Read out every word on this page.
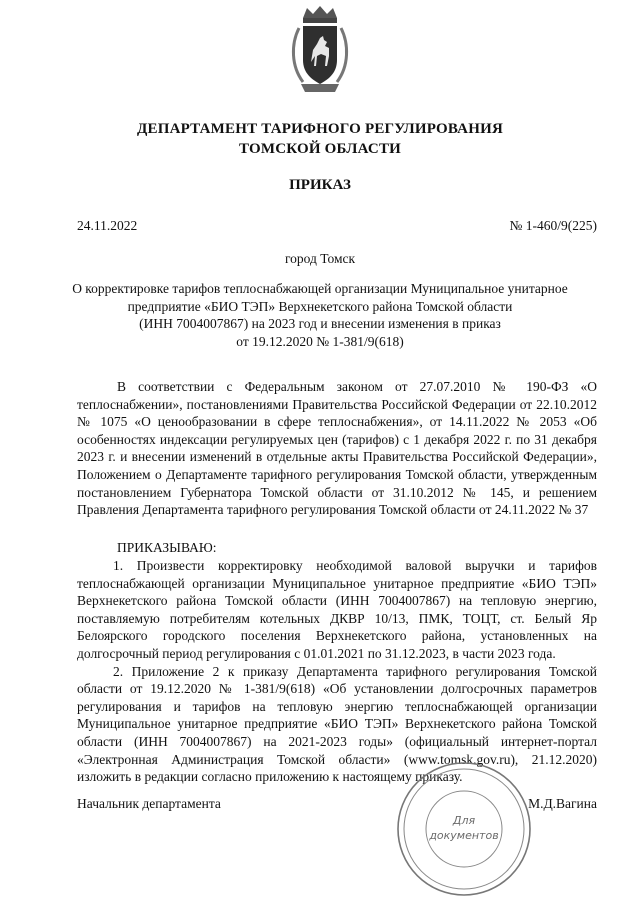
ДЕПАРТАМЕНТ ТАРИФНОГО РЕГУЛИРОВАНИЯ
ТОМСКОЙ ОБЛАСТИ
ПРИКАЗ
24.11.2022	№ 1-460/9(225)
город Томск
О корректировке тарифов теплоснабжающей организации Муниципальное унитарное
предприятие «БИО ТЭП» Верхнекетского района Томской области
(ИНН 7004007867) на 2023 год и внесении изменения в приказ
от 19.12.2020 № 1-381/9(618)

В соответствии с Федеральным законом от 27.07.2010 № 190-ФЗ «О теплоснабжении», постановлениями Правительства Российской Федерации от 22.10.2012 № 1075 «О ценообразовании в сфере теплоснабжения», от 14.11.2022 № 2053 «Об особенностях индексации регулируемых цен (тарифов) с 1 декабря 2022 г. по 31 декабря 2023 г. и внесении изменений в отдельные акты Правительства Российской Федерации», Положением о Департаменте тарифного регулирования Томской области, утвержденным постановлением Губернатора Томской области от 31.10.2012 № 145, и решением Правления Департамента тарифного регулирования Томской области от 24.11.2022 № 37

ПРИКАЗЫВАЮ:

1. Произвести корректировку необходимой валовой выручки и тарифов теплоснабжающей организации Муниципальное унитарное предприятие «БИО ТЭП» Верхнекетского района Томской области (ИНН 7004007867) на тепловую энергию, поставляемую потребителям котельных ДКВР 10/13, ПМК, ТОЦТ, ст. Белый Яр Белоярского городского поселения Верхнекетского района, установленных на долгосрочный период регулирования с 01.01.2021 по 31.12.2023, в части 2023 года.

2. Приложение 2 к приказу Департамента тарифного регулирования Томской области от 19.12.2020 № 1-381/9(618) «Об установлении долгосрочных параметров регулирования и тарифов на тепловую энергию теплоснабжающей организации Муниципальное унитарное предприятие «БИО ТЭП» Верхнекетского района Томской области (ИНН 7004007867) на 2021-2023 годы» (официальный интернет-портал «Электронная Администрация Томской области» (www.tomsk.gov.ru), 21.12.2020) изложить в редакции согласно приложению к настоящему приказу.

Начальник департамента	М.Д.Вагина
Для
документов
